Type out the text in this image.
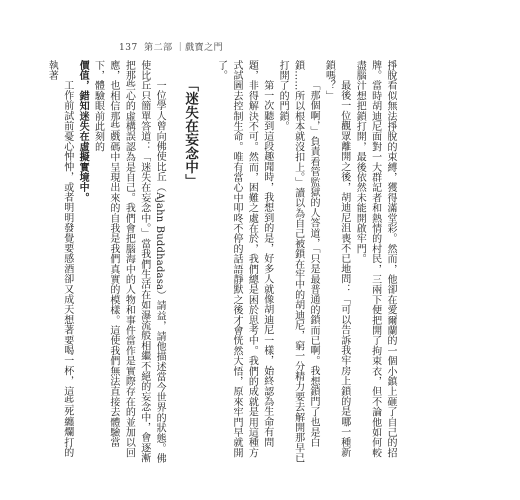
137 第二部 ｜戲寶之門

掙脫看似無法掙脫的束縛，獲得滿堂彩。然而，他卻在愛爾蘭的一個小鎮上砸了自己的招牌。當時胡迪尼面對一大群記者和熱情的村民，三兩下便把開了拘束衣，但不論他如何較盡腦汁想把鎖打開，最後依然未能開啟牢門。

最後一位觀眾離開之後，胡迪尼沮喪不已地問：「可以告訴我牢房上鎖的是哪一種新鎖嗎？」

「那個啊，」負責看管監獄的人答道，「只是最普通的鎖而已啊。我想鎖門了也是白鎖……所以根本就沒扣上。」讀以為自己被鎖在牢中的胡迪尼，窮一分精力要去解開那早已打開了的門鎖。

第一次聽到這段趣聞時，我想到的是，好多人就像胡迪尼一樣，始終認為生命有問題，非得解決不可。然而，困難之處在於，我們總是困於思考中。我們的成就是用這種方式試圖去控制生命。唯有當心中叩咚不停的話語靜默之後才會恍然大悟，原來牢門早就開了。

「迷失在妄念中」

一位學人曾向佛使比丘（Ajahn Buddhadasa）請益，請他描述當今世界的狀態。佛使比丘只簡單答道：「迷失在妄念中。」當我們生活在如瀑流般相繼不絕的妄念中，會逐漸把那些心的虛構誤認為是自己。我們會把腦海中的人物和事件當作是實際存在的並加以回應，也相信那些戲碼中呈現出來的自我是我們真實的模樣。這使我們無法直接去體驗當下，體驗眼前此刻的

價值，錯知迷失在虛擬實境中。

工作前試前憂心忡忡，或者明明發覺要感酒卻又成天想著要喝一杯，這些死纏爛打的執著
